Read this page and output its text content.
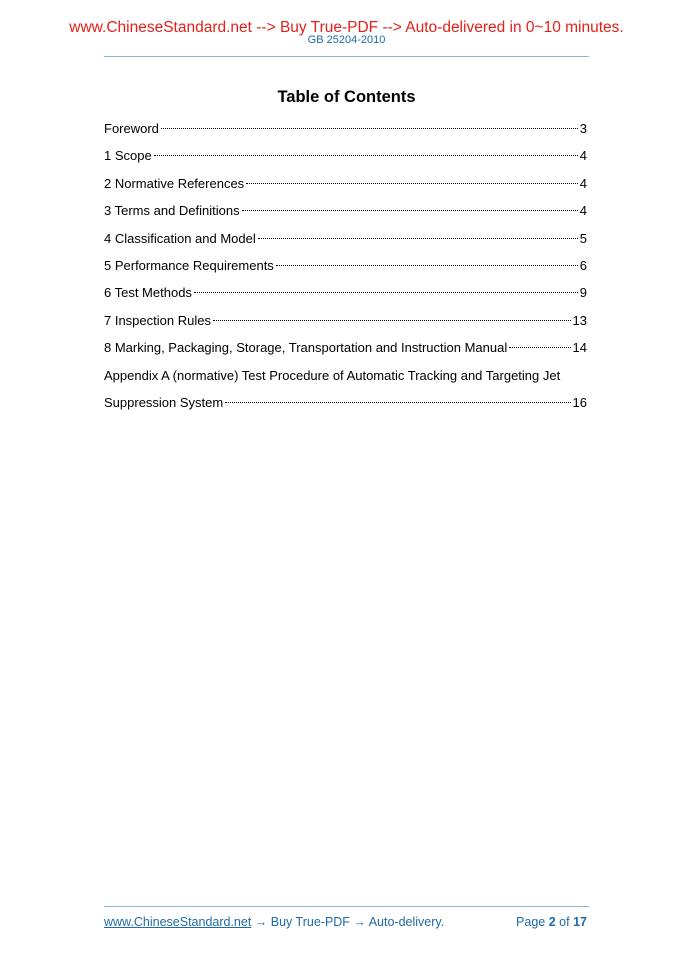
www.ChineseStandard.net --> Buy True-PDF --> Auto-delivered in 0~10 minutes.
GB 25204-2010
Table of Contents
Foreword	3
1 Scope	4
2 Normative References	4
3 Terms and Definitions	4
4 Classification and Model	5
5 Performance Requirements	6
6 Test Methods	9
7 Inspection Rules	13
8 Marking, Packaging, Storage, Transportation and Instruction Manual	14
Appendix A (normative) Test Procedure of Automatic Tracking and Targeting Jet
Suppression System	16
www.ChineseStandard.net → Buy True-PDF → Auto-delivery.	Page 2 of 17
